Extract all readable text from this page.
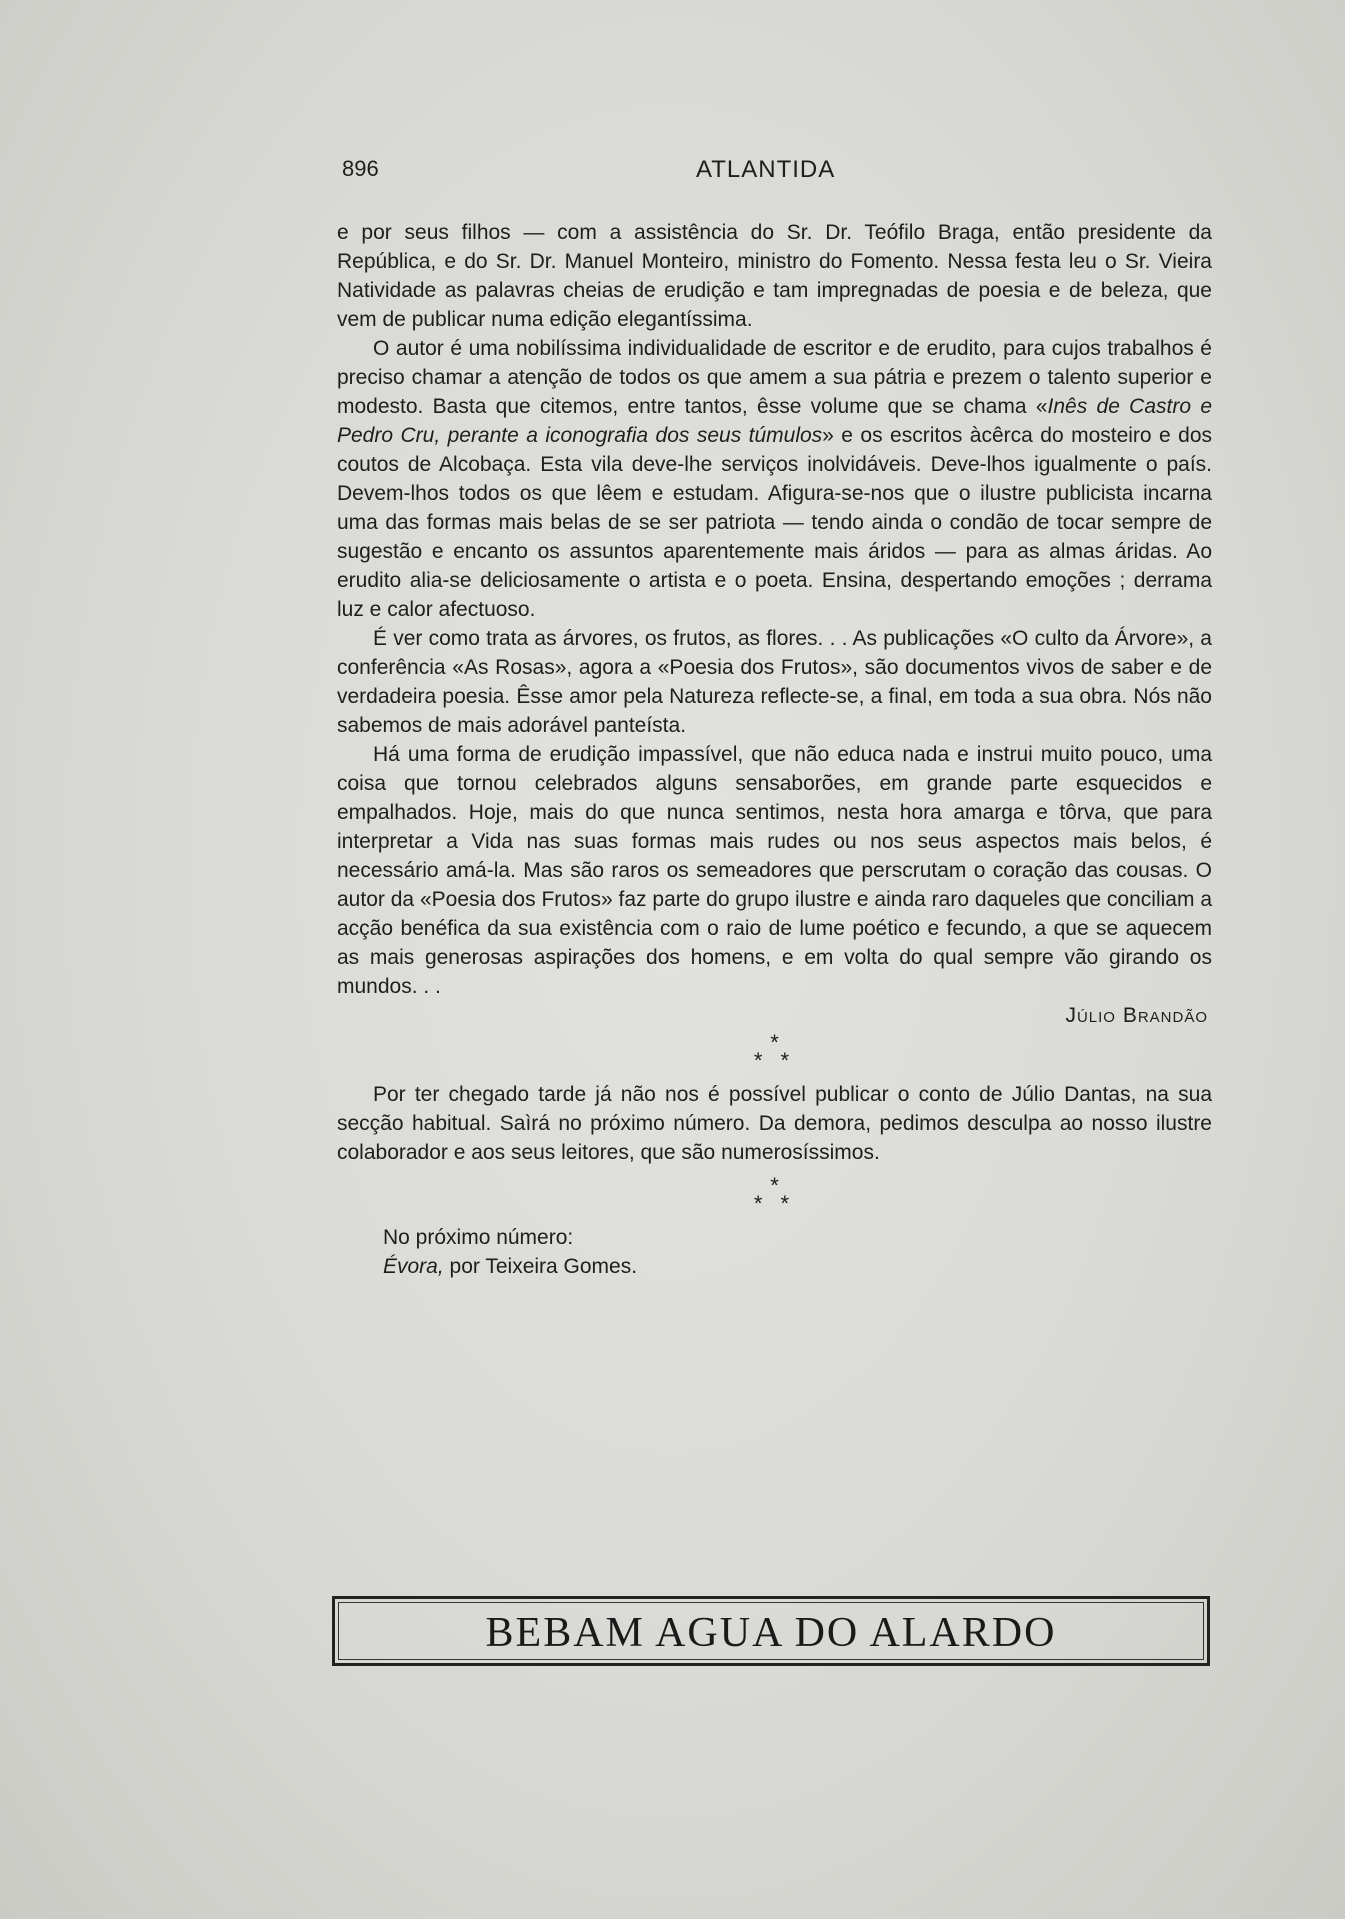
896	ATLANTIDA

e por seus filhos — com a assistência do Sr. Dr. Teófilo Braga, então presidente da República, e do Sr. Dr. Manuel Monteiro, ministro do Fomento. Nessa festa leu o Sr. Vieira Natividade as palavras cheias de erudição e tam impregnadas de poesia e de beleza, que vem de publicar numa edição elegantíssima.

O autor é uma nobilíssima individualidade de escritor e de erudito, para cujos trabalhos é preciso chamar a atenção de todos os que amem a sua pátria e prezem o talento superior e modesto. Basta que citemos, entre tantos, êsse volume que se chama «Inês de Castro e Pedro Cru, perante a iconografia dos seus túmulos» e os escritos àcêrca do mosteiro e dos coutos de Alcobaça. Esta vila deve-lhe serviços inolvidáveis. Deve-lhos igualmente o país. Devem-lhos todos os que lêem e estudam. Afigura-se-nos que o ilustre publicista incarna uma das formas mais belas de se ser patriota — tendo ainda o condão de tocar sempre de sugestão e encanto os assuntos aparentemente mais áridos — para as almas áridas. Ao erudito alia-se deliciosamente o artista e o poeta. Ensina, despertando emoções ; derrama luz e calor afectuoso.

É ver como trata as árvores, os frutos, as flores. . . As publicações «O culto da Árvore», a conferência «As Rosas», agora a «Poesia dos Frutos», são documentos vivos de saber e de verdadeira poesia. Êsse amor pela Natureza reflecte-se, a final, em toda a sua obra. Nós não sabemos de mais adorável panteísta.

Há uma forma de erudição impassível, que não educa nada e instrui muito pouco, uma coisa que tornou celebrados alguns sensaborões, em grande parte esquecidos e empalhados. Hoje, mais do que nunca sentimos, nesta hora amarga e tôrva, que para interpretar a Vida nas suas formas mais rudes ou nos seus aspectos mais belos, é necessário amá-la. Mas são raros os semeadores que perscrutam o coração das cousas. O autor da «Poesia dos Frutos» faz parte do grupo ilustre e ainda raro daqueles que conciliam a acção benéfica da sua existência com o raio de lume poético e fecundo, a que se aquecem as mais generosas aspirações dos homens, e em volta do qual sempre vão girando os mundos. . .

Júlio Brandão

*
* *

Por ter chegado tarde já não nos é possível publicar o conto de Júlio Dantas, na sua secção habitual. Saìrá no próximo número. Da demora, pedimos desculpa ao nosso ilustre colaborador e aos seus leitores, que são numerosíssimos.

*
* *

No próximo número:

Évora, por Teixeira Gomes.

BEBAM AGUA DO ALARDO
